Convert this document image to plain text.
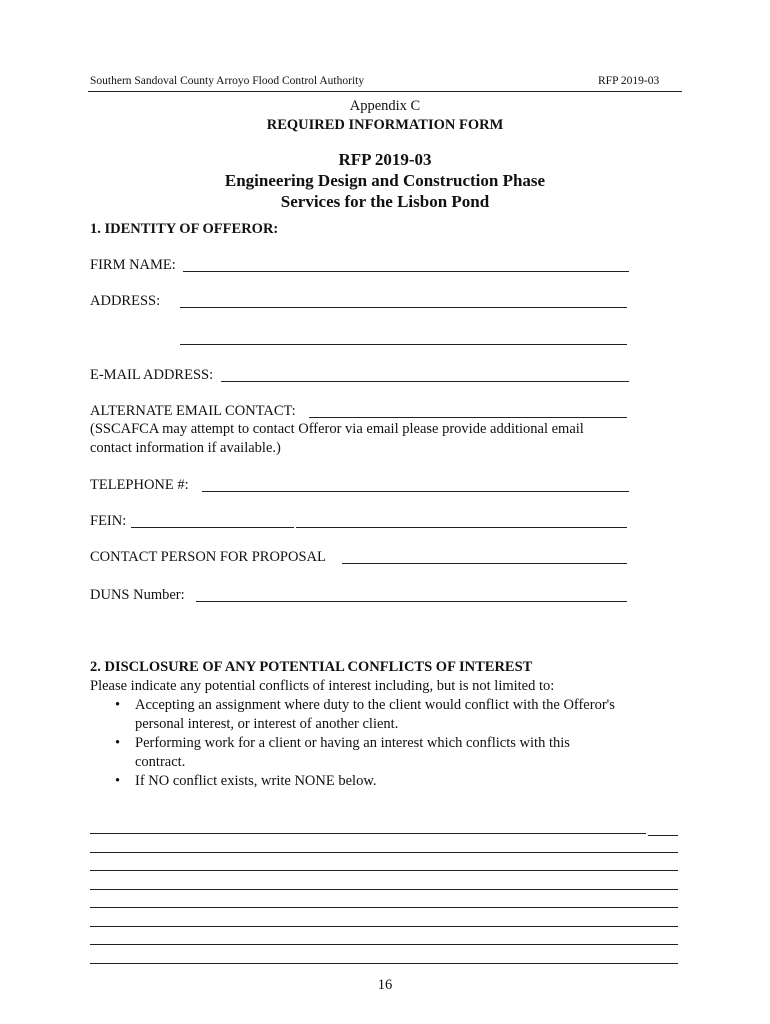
Southern Sandoval County Arroyo Flood Control Authority	RFP 2019-03
Appendix C
REQUIRED INFORMATION FORM
RFP 2019-03
Engineering Design and Construction Phase
Services for the Lisbon Pond
1. IDENTITY OF OFFEROR:
FIRM NAME:
ADDRESS:
E-MAIL ADDRESS:
ALTERNATE EMAIL CONTACT:
(SSCAFCA may attempt to contact Offeror via email please provide additional email
contact information if available.)
TELEPHONE #:
FEIN:
CONTACT PERSON FOR PROPOSAL
DUNS Number:
2. DISCLOSURE OF ANY POTENTIAL CONFLICTS OF INTEREST
Please indicate any potential conflicts of interest including, but is not limited to:
• Accepting an assignment where duty to the client would conflict with the Offeror's
personal interest, or interest of another client.
• Performing work for a client or having an interest which conflicts with this
contract.
• If NO conflict exists, write NONE below.
16
